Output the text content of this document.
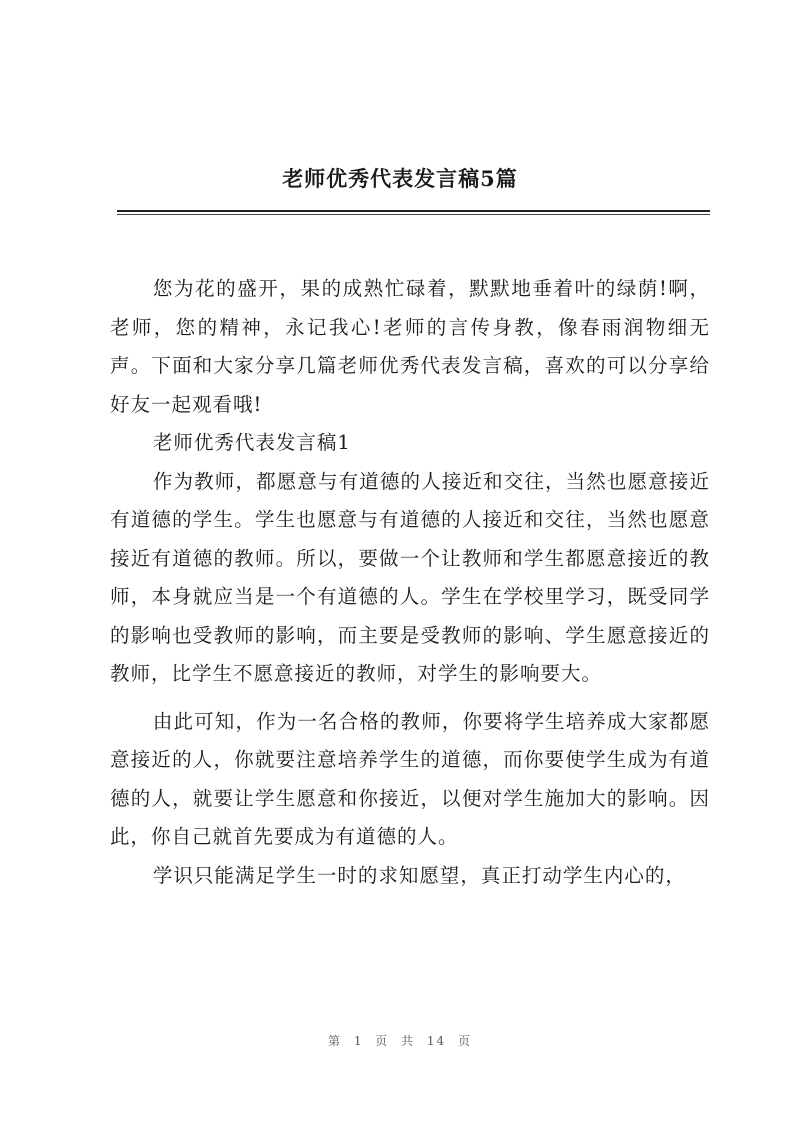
老师优秀代表发言稿5篇

您为花的盛开，果的成熟忙碌着，默默地垂着叶的绿荫!啊，老师，您的精神，永记我心!老师的言传身教，像春雨润物细无声。下面和大家分享几篇老师优秀代表发言稿，喜欢的可以分享给好友一起观看哦!

老师优秀代表发言稿1

作为教师，都愿意与有道德的人接近和交往，当然也愿意接近有道德的学生。学生也愿意与有道德的人接近和交往，当然也愿意接近有道德的教师。所以，要做一个让教师和学生都愿意接近的教师，本身就应当是一个有道德的人。学生在学校里学习，既受同学的影响也受教师的影响，而主要是受教师的影响、学生愿意接近的教师，比学生不愿意接近的教师，对学生的影响要大。

由此可知，作为一名合格的教师，你要将学生培养成大家都愿意接近的人，你就要注意培养学生的道德，而你要使学生成为有道德的人，就要让学生愿意和你接近，以便对学生施加大的影响。因此，你自己就首先要成为有道德的人。

学识只能满足学生一时的求知愿望，真正打动学生内心的，

第 1 页 共 14 页
